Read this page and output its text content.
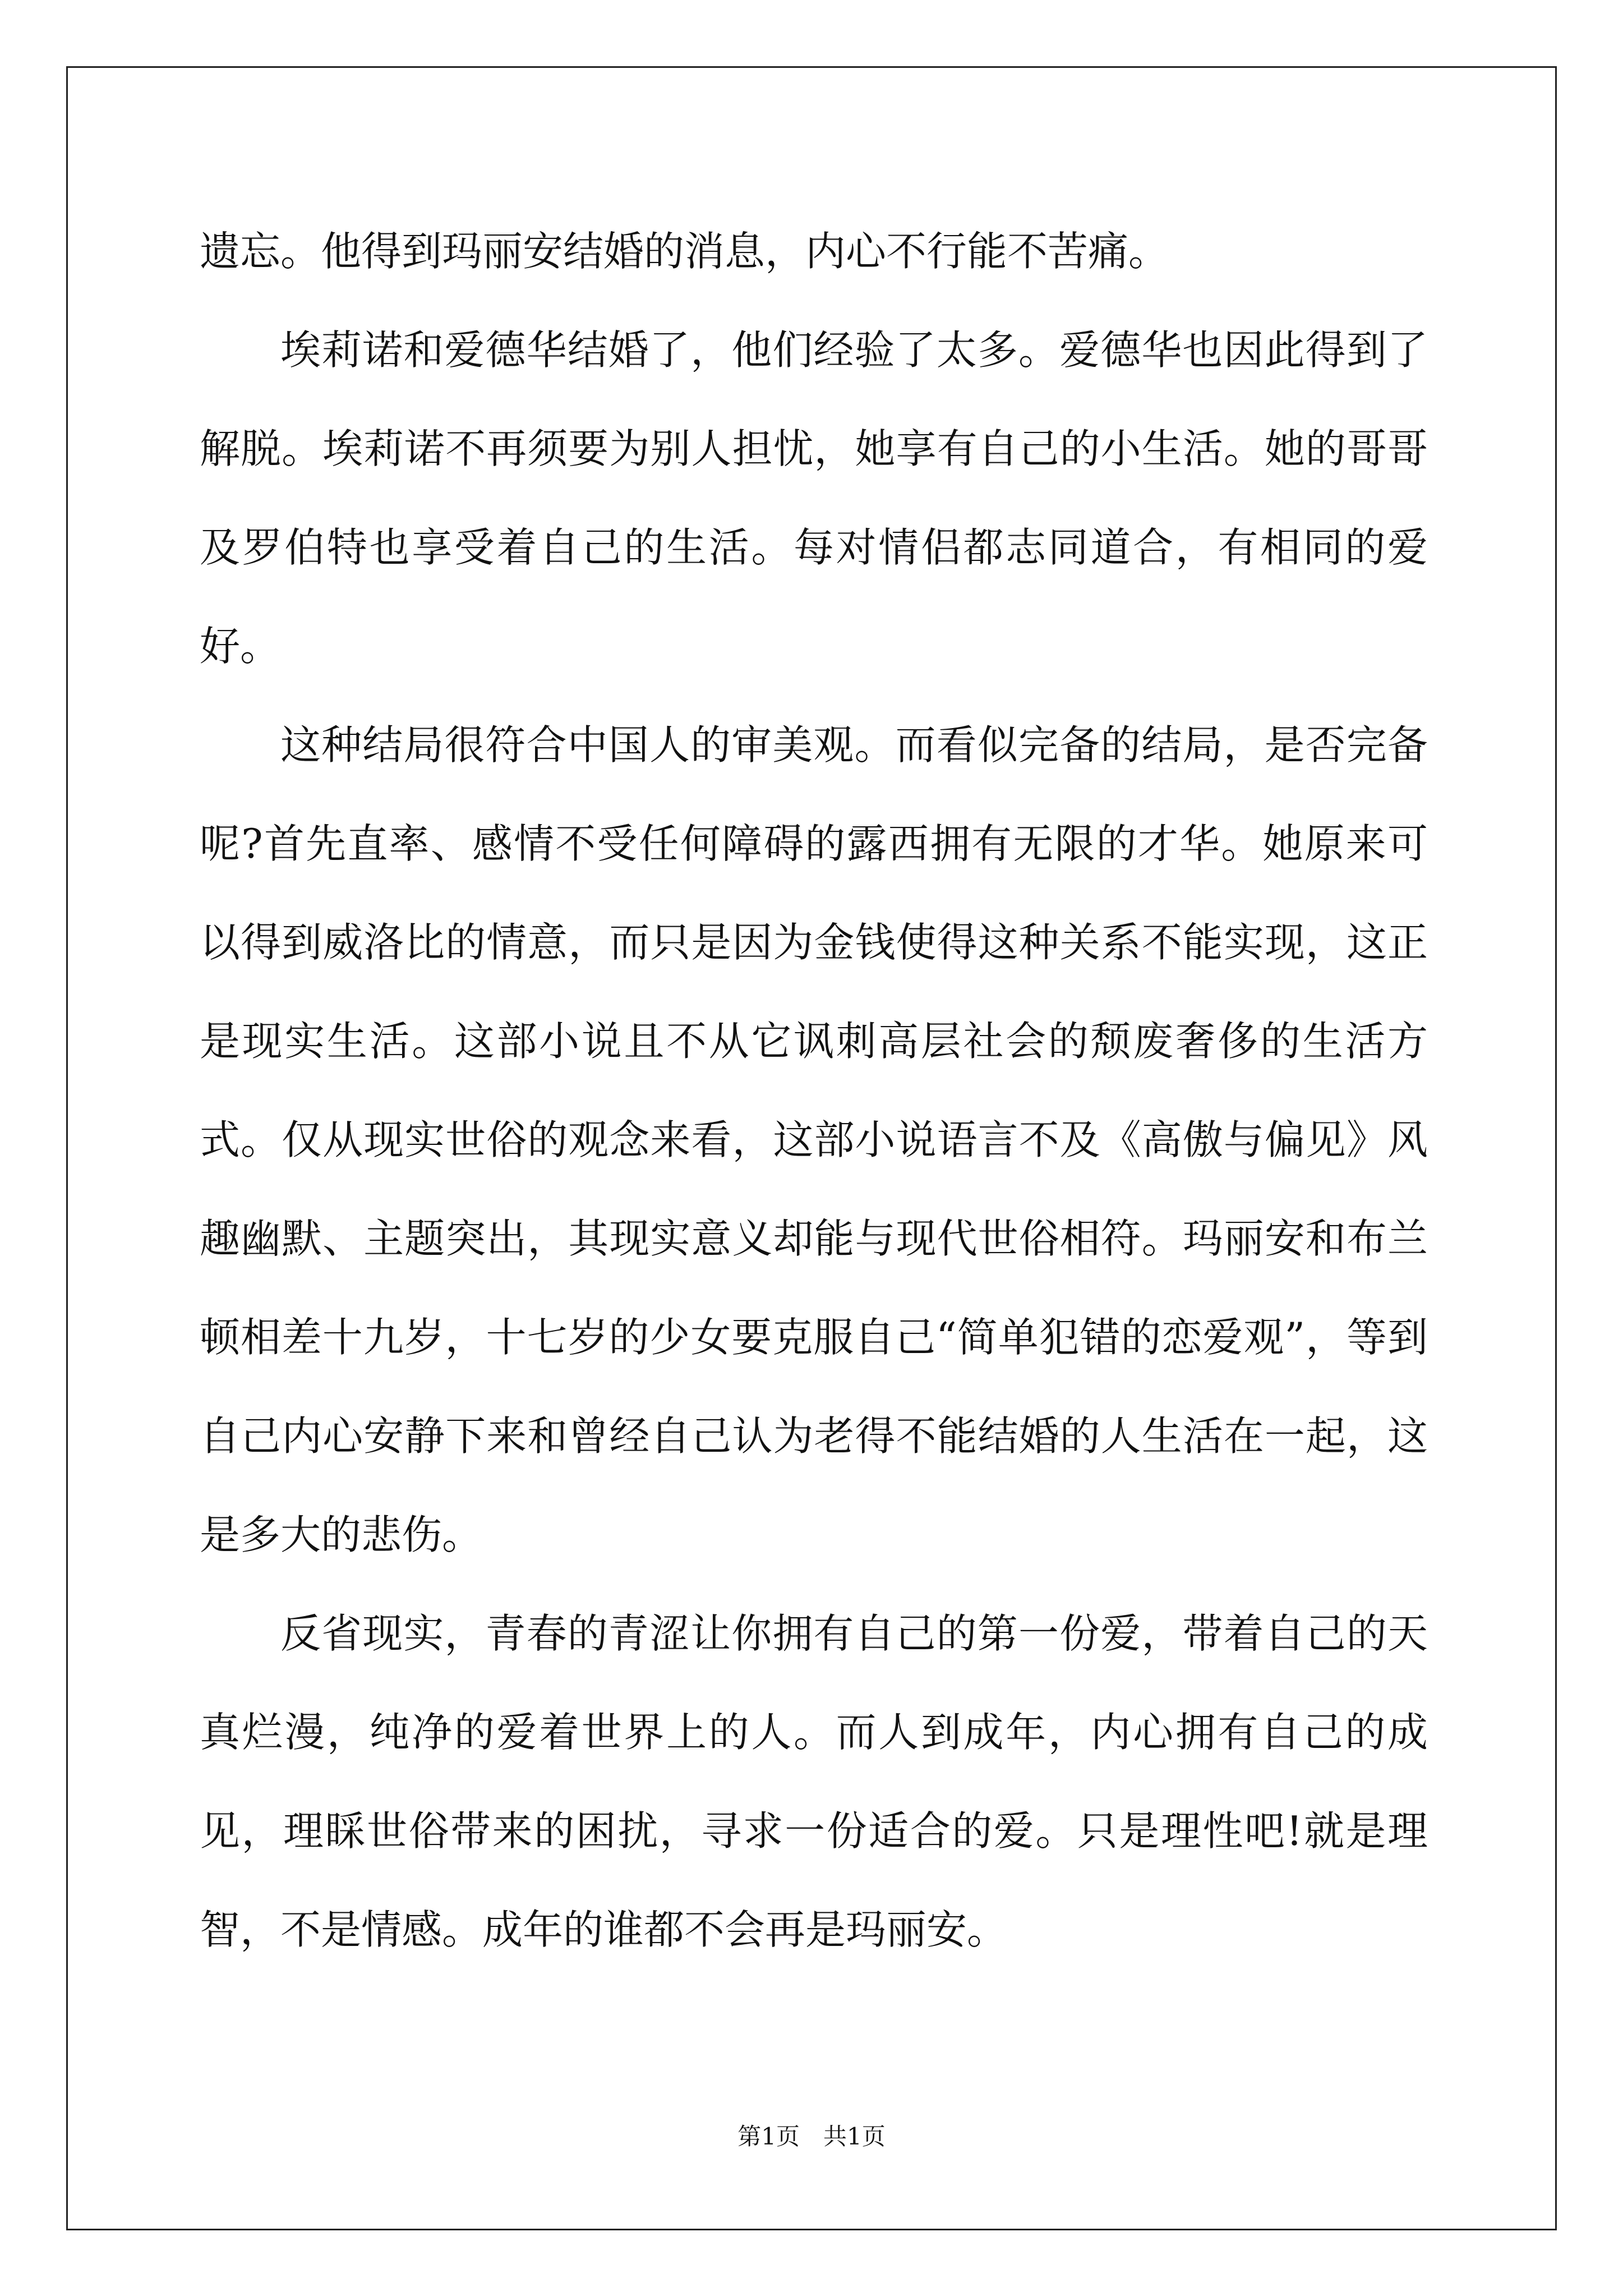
遗忘。他得到玛丽安结婚的消息，内心不行能不苦痛。

埃莉诺和爱德华结婚了，他们经验了太多。爱德华也因此得到了解脱。埃莉诺不再须要为别人担忧，她享有自己的小生活。她的哥哥及罗伯特也享受着自己的生活。每对情侣都志同道合，有相同的爱好。

这种结局很符合中国人的审美观。而看似完备的结局，是否完备呢?首先直率、感情不受任何障碍的露西拥有无限的才华。她原来可以得到威洛比的情意，而只是因为金钱使得这种关系不能实现，这正是现实生活。这部小说且不从它讽刺高层社会的颓废奢侈的生活方式。仅从现实世俗的观念来看，这部小说语言不及《高傲与偏见》风趣幽默、主题突出，其现实意义却能与现代世俗相符。玛丽安和布兰顿相差十九岁，十七岁的少女要克服自己“简单犯错的恋爱观”，等到自己内心安静下来和曾经自己认为老得不能结婚的人生活在一起，这是多大的悲伤。

反省现实，青春的青涩让你拥有自己的第一份爱，带着自己的天真烂漫，纯净的爱着世界上的人。而人到成年，内心拥有自己的成见，理睬世俗带来的困扰，寻求一份适合的爱。只是理性吧!就是理智，不是情感。成年的谁都不会再是玛丽安。

第1页　共1页
